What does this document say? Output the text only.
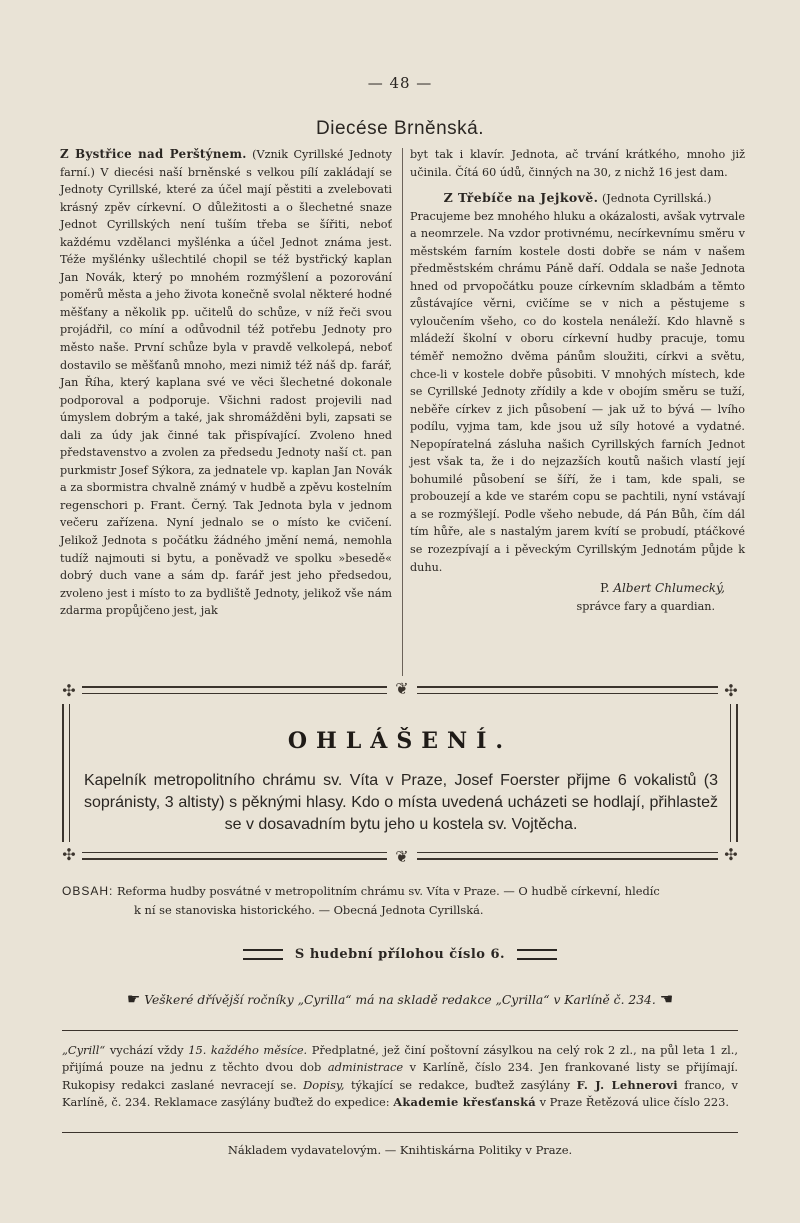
— 48 —
Diecése Brněnská.

Z Bystřice nad Perštýnem. (Vznik Cyrillské Jednoty farní.) V diecési naší brněnské s velkou pílí zakládají se Jednoty Cyrillské, které za účel mají pěstiti a zvelebovati krásný zpěv církevní. O důležitosti a o šlechetné snaze Jednot Cyrillských není tuším třeba se šířiti, neboť každému vzdělanci myšlénka a účel Jednot známa jest. Téže myšlénky ušlechtilé chopil se též bystřický kaplan Jan Novák, který po mnohém rozmýšlení a pozorování poměrů města a jeho života konečně svolal některé hodné měšťany a několik pp. učitelů do schůze, v níž řeči svou projádřil, co míní a odůvodnil též potřebu Jednoty pro město naše. První schůze byla v pravdě velkolepá, neboť dostavilo se měšťanů mnoho, mezi nimiž též náš dp. farář, Jan Říha, který kaplana své ve věci šlechetné dokonale podporoval a podporuje. Všichni radost projevili nad úmyslem dobrým a také, jak shromážděni byli, zapsati se dali za údy jak činné tak přispívající. Zvoleno hned představenstvo a zvolen za předsedu Jednoty naší ct. pan purkmistr Josef Sýkora, za jednatele vp. kaplan Jan Novák a za sbormistra chvalně známý v hudbě a zpěvu kostelním regenschori p. Frant. Černý. Tak Jednota byla v jednom večeru zařízena. Nyní jednalo se o místo ke cvičení. Jelikož Jednota s počátku žádného jmění nemá, nemohla tudíž najmouti si bytu, a poněvadž ve spolku »besedě« dobrý duch vane a sám dp. farář jest jeho předsedou, zvoleno jest i místo to za bydliště Jednoty, jelikož vše nám zdarma propůjčeno jest, jak

byt tak i klavír. Jednota, ač trvání krátkého, mnoho již učinila. Čítá 60 údů, činných na 30, z nichž 16 jest dam.

Z Třebíče na Jejkově. (Jednota Cyrillská.)

Pracujeme bez mnohého hluku a okázalosti, avšak vytrvale a neomrzele. Na vzdor protivnému, necírkevnímu směru v městském farním kostele dosti dobře se nám v našem předměstském chrámu Páně daří. Oddala se naše Jednota hned od prvopočátku pouze církevním skladbám a těmto zůstávajíce věrni, cvičíme se v nich a pěstujeme s vyloučením všeho, co do kostela nenáleží. Kdo hlavně s mládeží školní v oboru církevní hudby pracuje, tomu téměř nemožno dvěma pánům sloužiti, církvi a světu, chce-li v kostele dobře působiti. V mnohých místech, kde se Cyrillské Jednoty zřídily a kde v obojím směru se tuží, neběře církev z jich působení — jak už to bývá — lvího podílu, vyjma tam, kde jsou už síly hotové a vydatné. Nepopíratelná zásluha našich Cyrillských farních Jednot jest však ta, že i do nejzazších koutů našich vlastí její bohumilé působení se šíří, že i tam, kde spali, se probouzejí a kde ve starém copu se pachtili, nyní vstávají a se rozmýšlejí. Podle všeho nebude, dá Pán Bůh, čím dál tím hůře, ale s nastalým jarem kvítí se probudí, ptáčkové se rozezpívají a i pěveckým Cyrillským Jednotám půjde k duhu.

P. Albert Chlumecký,

správce fary a quardian.

✣	✣
✣	✣
❦
❦
OHLÁŠENÍ.
Kapelník metropolitního chrámu sv. Víta v Praze, Josef Foerster přijme 6 vokalistů (3 sopránisty, 3 altisty) s pěknými hlasy. Kdo o místa uvedená ucházeti se hodlají, přihlastež se v dosavadním bytu jeho u kostela sv. Vojtěcha.
OBSAH: Reforma hudby posvátné v metropolitním chrámu sv. Víta v Praze. — O hudbě církevní, hledíc
k ní se stanoviska historického. — Obecná Jednota Cyrillská.
S hudební přílohou číslo 6.
☛ Veškeré dřívější ročníky „Cyrilla“ má na skladě redakce „Cyrilla“ v Karlíně č. 234. ☚
„Cyrill“ vychází vždy 15. každého měsíce. Předplatné, jež činí poštovní zásylkou na celý rok 2 zl., na půl leta 1 zl., přijímá pouze na jednu z těchto dvou dob administrace v Karlíně, číslo 234. Jen frankované listy se přijímají. Rukopisy redakci zaslané nevracejí se. Dopisy, týkající se redakce, buďtež zasýlány F. J. Lehnerovi franco, v Karlíně, č. 234. Reklamace zasýlány buďtež do expedice: Akademie křesťanská v Praze Řetězová ulice číslo 223.
Nákladem vydavatelovým. — Knihtiskárna Politiky v Praze.
